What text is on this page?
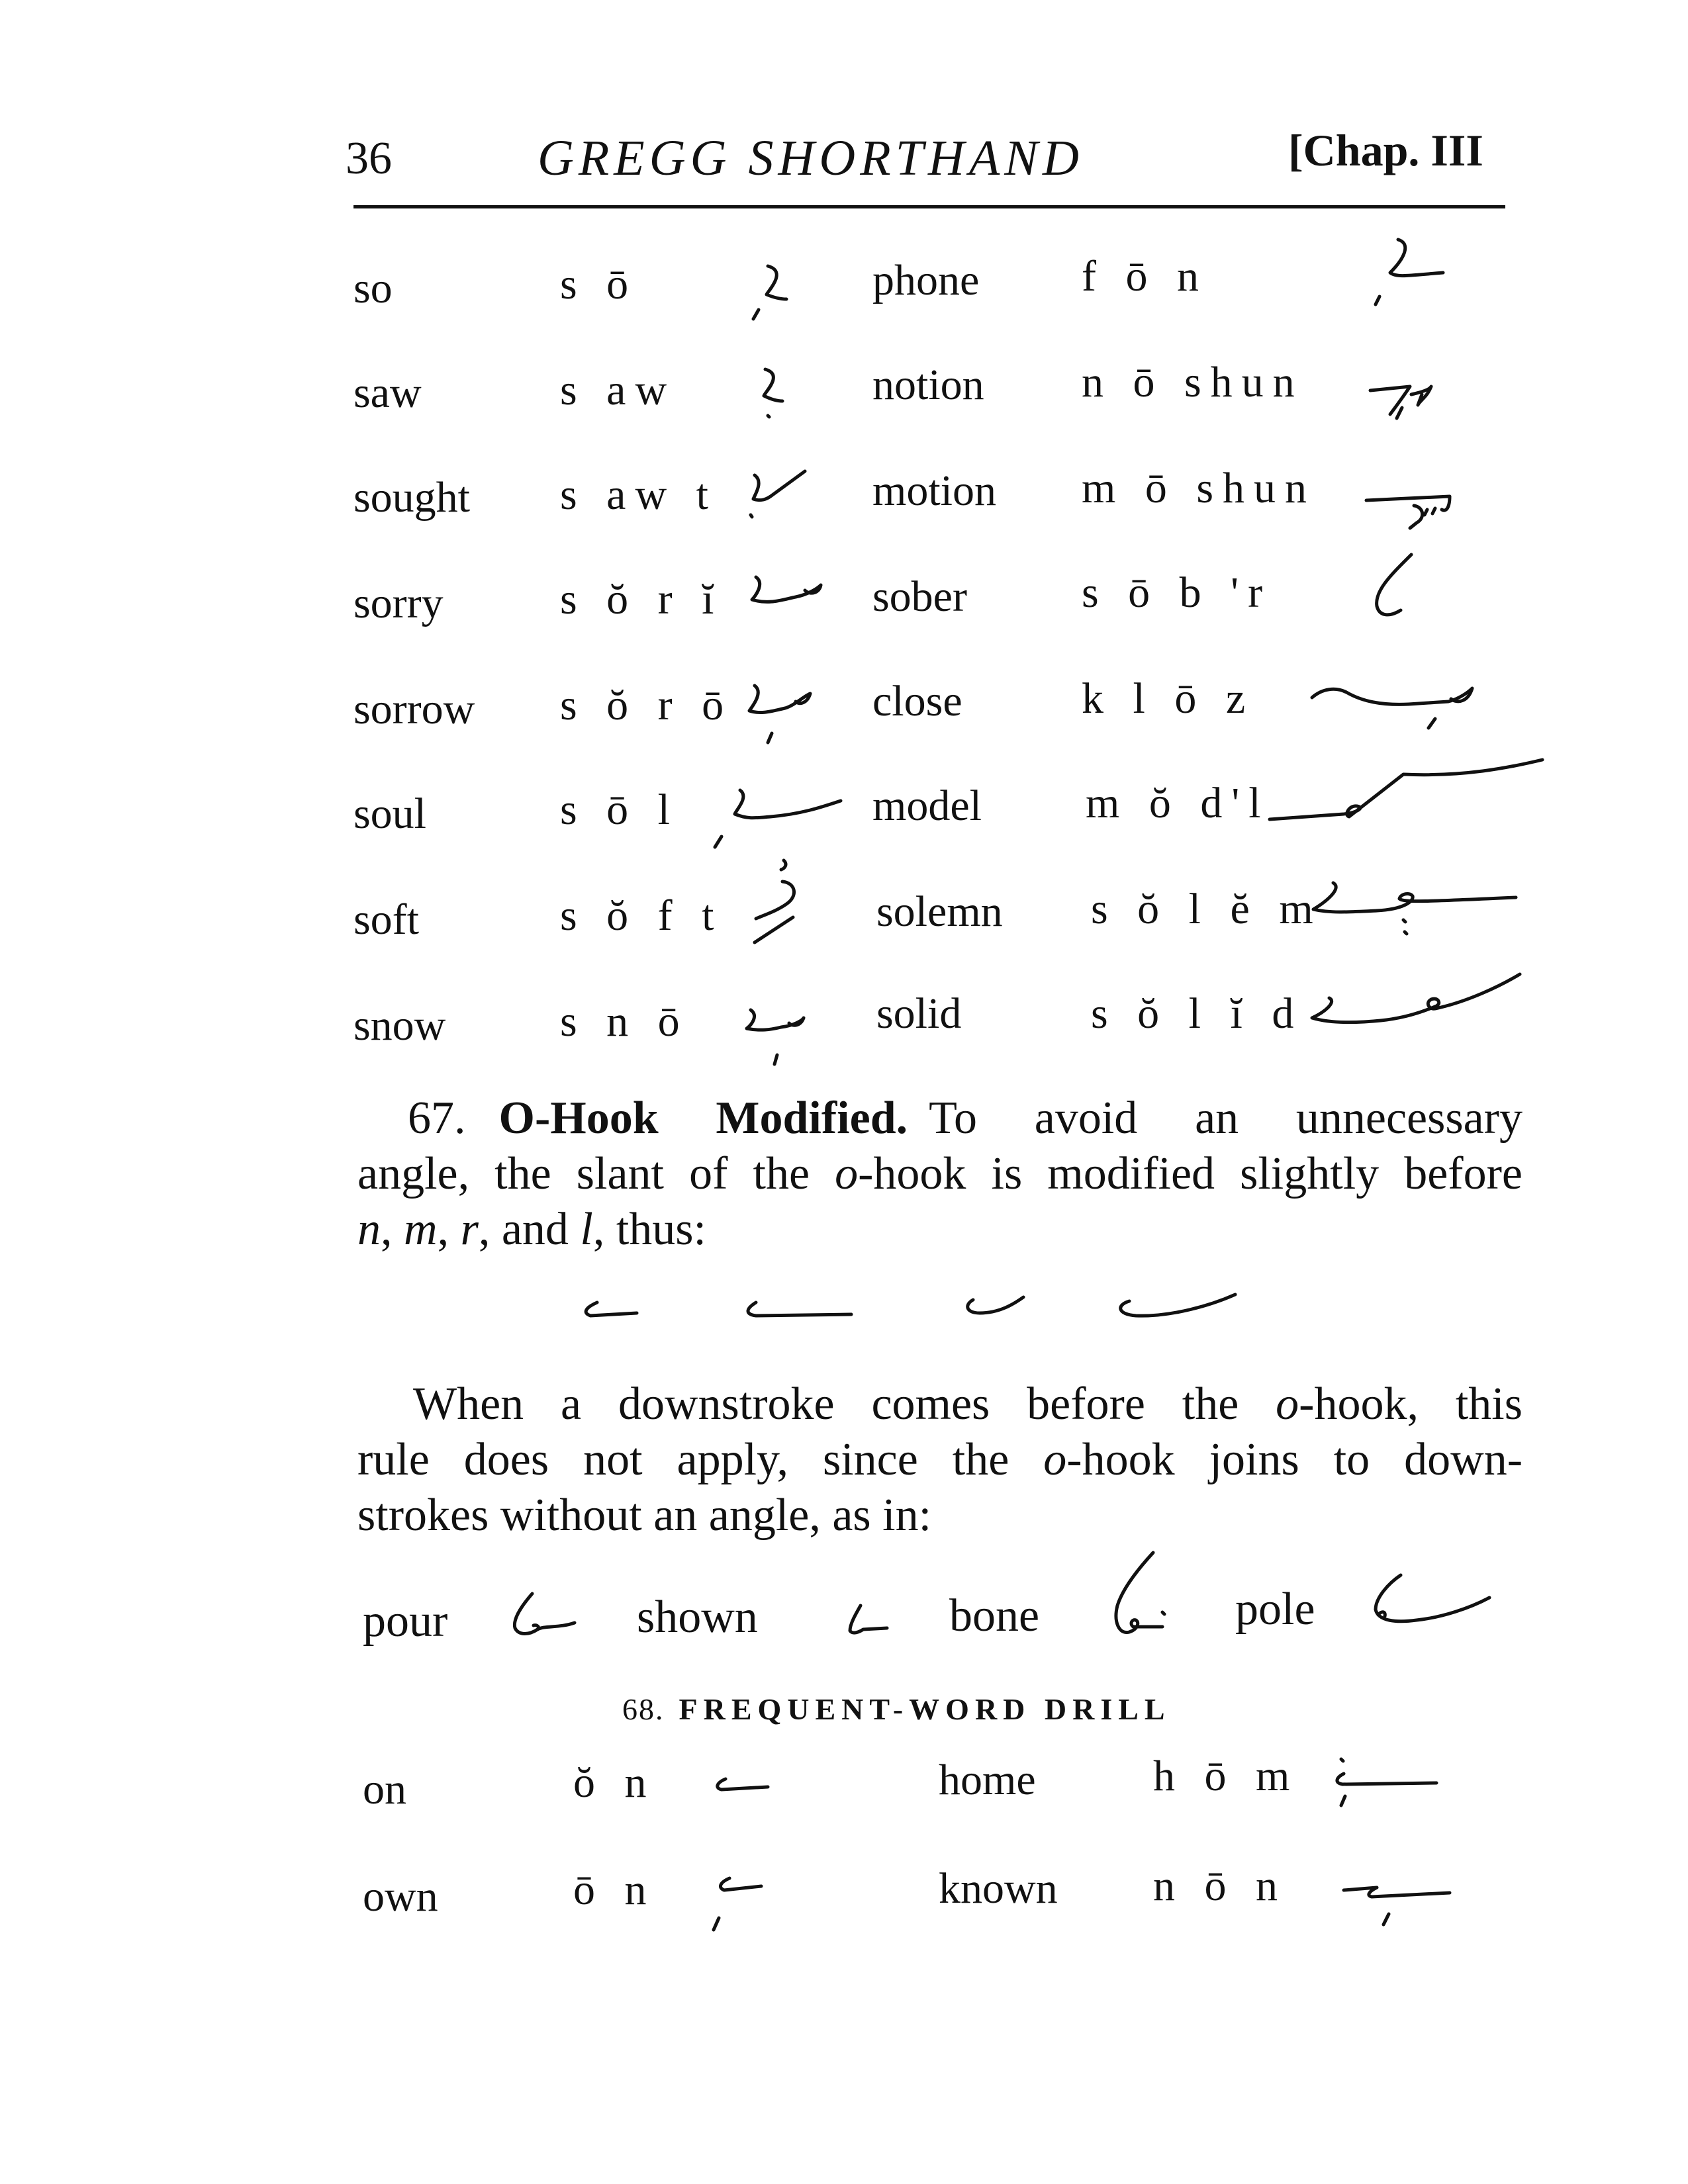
36	GREGG SHORTHAND	[Chap. III
so	s ō	phone f ō n
saw	s aw	notion n ō shun
sought s aw t	motion m ō shun
sorry	s ŏ r ĭ	sober	s ō b 'r
sorrow s ŏ r ō	close	k l ō z
soul	s ō l	model m ŏ d'l
soft	s ŏ f t	solemn s ŏ l ĕ m
snow	s n ō	solid	s ŏ l ĭ d
67. O-Hook Modified. To avoid an unnecessary
angle, the slant of the o-hook is modified slightly before
n, m, r, and l, thus:
When a downstroke comes before the o-hook, this
rule does not apply, since the o-hook joins to down-
strokes without an angle, as in:
pour	shown	bone	pole
68. FREQUENT-WORD DRILL
on	ŏ n	home	h ō m
own	ō n	known n ō n
